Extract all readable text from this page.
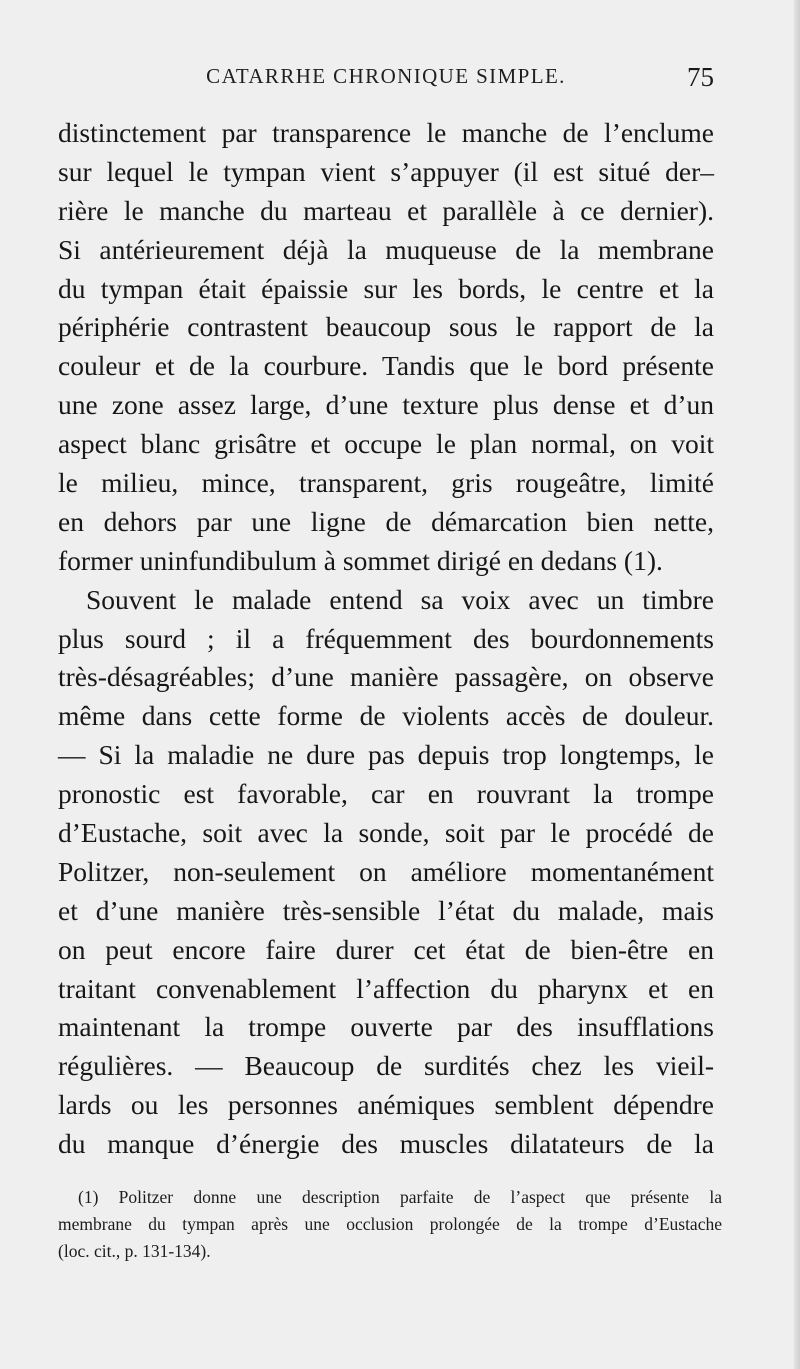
CATARRHE CHRONIQUE SIMPLE.	75
distinctement par transparence le manche de l’enclume
sur lequel le tympan vient s’appuyer (il est situé der–
rière le manche du marteau et parallèle à ce dernier).
Si antérieurement déjà la muqueuse de la membrane
du tympan était épaissie sur les bords, le centre et la
périphérie contrastent beaucoup sous le rapport de la
couleur et de la courbure. Tandis que le bord présente
une zone assez large, d’une texture plus dense et d’un
aspect blanc grisâtre et occupe le plan normal, on voit
le milieu, mince, transparent, gris rougeâtre, limité
en dehors par une ligne de démarcation bien nette,
former uninfundibulum à sommet dirigé en dedans (1).
Souvent le malade entend sa voix avec un timbre
plus sourd ; il a fréquemment des bourdonnements
très-désagréables; d’une manière passagère, on observe
même dans cette forme de violents accès de douleur.
— Si la maladie ne dure pas depuis trop longtemps, le
pronostic est favorable, car en rouvrant la trompe
d’Eustache, soit avec la sonde, soit par le procédé de
Politzer, non-seulement on améliore momentanément
et d’une manière très-sensible l’état du malade, mais
on peut encore faire durer cet état de bien-être en
traitant convenablement l’affection du pharynx et en
maintenant la trompe ouverte par des insufflations
régulières. — Beaucoup de surdités chez les vieil-
lards ou les personnes anémiques semblent dépendre
du manque d’énergie des muscles dilatateurs de la
(1) Politzer donne une description parfaite de l’aspect que présente la
membrane du tympan après une occlusion prolongée de la trompe d’Eustache
(loc. cit., p. 131-134).
